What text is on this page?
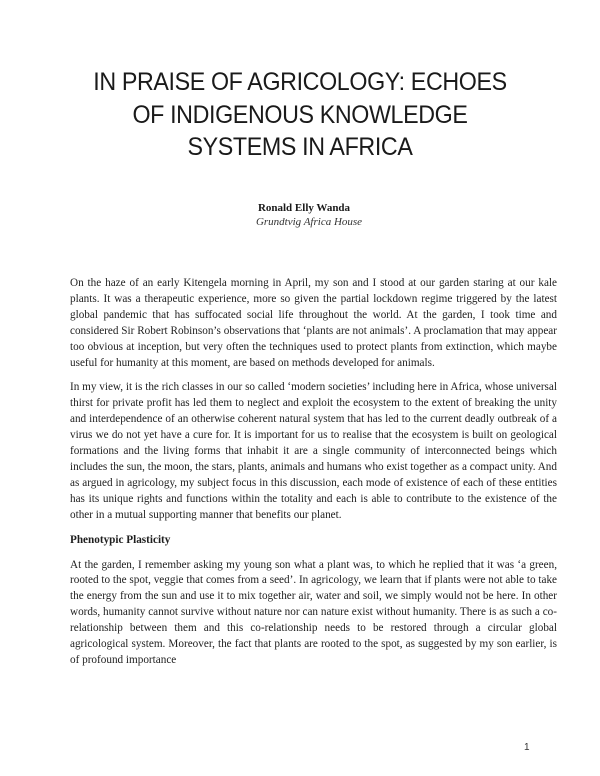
IN PRAISE OF AGRICOLOGY: ECHOES OF INDIGENOUS KNOWLEDGE SYSTEMS IN AFRICA
Ronald Elly Wanda
Grundtvig Africa House

On the haze of an early Kitengela morning in April, my son and I stood at our garden staring at our kale plants. It was a therapeutic experience, more so given the partial lockdown regime triggered by the latest global pandemic that has suffocated social life throughout the world. At the garden, I took time and considered Sir Robert Robinson’s observations that ‘plants are not animals’. A proclamation that may appear too obvious at inception, but very often the techniques used to protect plants from extinction, which maybe useful for humanity at this moment, are based on methods developed for animals.

In my view, it is the rich classes in our so called ‘modern societies’ including here in Africa, whose universal thirst for private profit has led them to neglect and exploit the ecosystem to the extent of breaking the unity and interdependence of an otherwise coherent natural system that has led to the current deadly outbreak of a virus we do not yet have a cure for. It is important for us to realise that the ecosystem is built on geological formations and the living forms that inhabit it are a single community of interconnected beings which includes the sun, the moon, the stars, plants, animals and humans who exist together as a compact unity. And as argued in agricology, my subject focus in this discussion, each mode of existence of each of these entities has its unique rights and functions within the totality and each is able to contribute to the existence of the other in a mutual supporting manner that benefits our planet.

Phenotypic Plasticity

At the garden, I remember asking my young son what a plant was, to which he replied that it was ‘a green, rooted to the spot, veggie that comes from a seed’. In agricology, we learn that if plants were not able to take the energy from the sun and use it to mix together air, water and soil, we simply would not be here. In other words, humanity cannot survive without nature nor can nature exist without humanity. There is as such a co-relationship between them and this co-relationship needs to be restored through a circular global agricological system. Moreover, the fact that plants are rooted to the spot, as suggested by my son earlier, is of profound importance

1
